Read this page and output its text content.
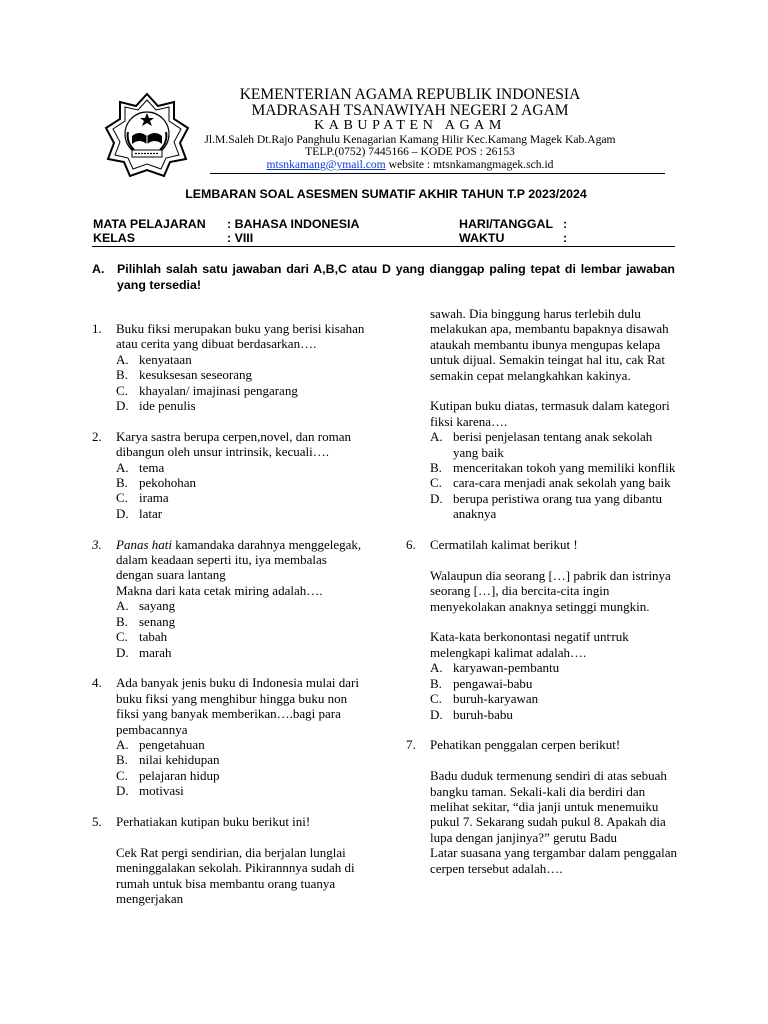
KEMENTERIAN AGAMA REPUBLIK INDONESIA
MADRASAH TSANAWIYAH NEGERI 2 AGAM
KABUPATEN AGAM
Jl.M.Saleh Dt.Rajo Panghulu Kenagarian Kamang Hilir Kec.Kamang Magek Kab.Agam
TELP.(0752) 7445166 – KODE POS : 26153
mtsnkamang@ymail.com website : mtsnkamangmagek.sch.id
LEMBARAN SOAL ASESMEN SUMATIF AKHIR TAHUN T.P 2023/2024
MATA PELAJARAN : BAHASA INDONESIA
KELAS	: VIII
HARI/TANGGAL :
WAKTU	:
A. Pilihlah salah satu jawaban dari A,B,C atau D yang dianggap paling tepat di lembar jawaban yang tersedia!
1. Buku fiksi merupakan buku yang berisi kisahan atau cerita yang dibuat berdasarkan….

A. kenyataan
B. kesuksesan seseorang
C. khayalan/ imajinasi pengarang
D. ide penulis
2. Karya sastra berupa cerpen,novel, dan roman dibangun oleh unsur intrinsik, kecuali….

A. tema
B. pekohohan
C. irama
D. latar
3. Panas hati kamandaka darahnya menggelegak, dalam keadaan seperti itu, iya membalas dengan suara lantang

Makna dari kata cetak miring adalah….

A. sayang
B. senang
C. tabah
D. marah
4. Ada banyak jenis buku di Indonesia mulai dari buku fiksi yang menghibur hingga buku non fiksi yang banyak memberikan….bagi para pembacannya

A. pengetahuan
B. nilai kehidupan
C. pelajaran hidup
D. motivasi
5. Perhatiakan kutipan buku berikut ini!

Cek Rat pergi sendirian, dia berjalan lunglai meninggalakan sekolah. Pikirannnya sudah di rumah untuk bisa membantu orang tuanya mengerjakan

sawah. Dia binggung harus terlebih dulu melakukan apa, membantu bapaknya disawah ataukah membantu ibunya mengupas kelapa untuk dijual. Semakin teingat hal itu, cak Rat semakin cepat melangkahkan kakinya.

Kutipan buku diatas, termasuk dalam kategori fiksi karena….

A. berisi penjelasan tentang anak sekolah yang baik
B. menceritakan tokoh yang memiliki konflik
C. cara-cara menjadi anak sekolah yang baik
D. berupa peristiwa orang tua yang dibantu anaknya
6. Cermatilah kalimat berikut !

Walaupun dia seorang […] pabrik dan istrinya seorang […], dia bercita-cita ingin menyekolakan anaknya setinggi mungkin.

Kata-kata berkonontasi negatif untтuk melengkapi kalimat adalah….

A. karyawan-pembantu
B. pengawai-babu
C. buruh-karyawan
D. buruh-babu
7. Pehatikan penggalan cerpen berikut!

Badu duduk termenung sendiri di atas sebuah bangku taman. Sekali-kali dia berdiri dan melihat sekitar, “dia janji untuk menemuiku pukul 7. Sekarang sudah pukul 8. Apakah dia lupa dengan janjinya?” gerutu Badu

Latar suasana yang tergambar dalam penggalan cerpen tersebut adalah….
